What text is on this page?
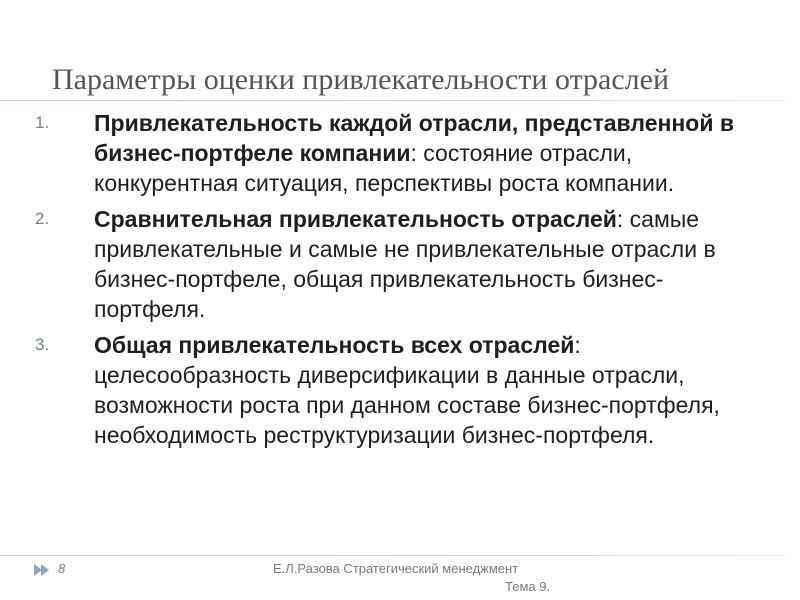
Параметры оценки привлекательности отраслей
1. Привлекательность каждой отрасли, представленной в бизнес-портфеле компании: состояние отрасли, конкурентная ситуация, перспективы роста компании.
2. Сравнительная привлекательность отраслей: самые привлекательные и самые не привлекательные отрасли в бизнес-портфеле, общая привлекательность бизнес-портфеля.
3. Общая привлекательность всех отраслей: целесообразность диверсификации в данные отрасли, возможности роста при данном составе бизнес-портфеля, необходимость реструктуризации бизнес-портфеля.
8	Е.Л.Разова Стратегический менеджмент
Тема 9.
